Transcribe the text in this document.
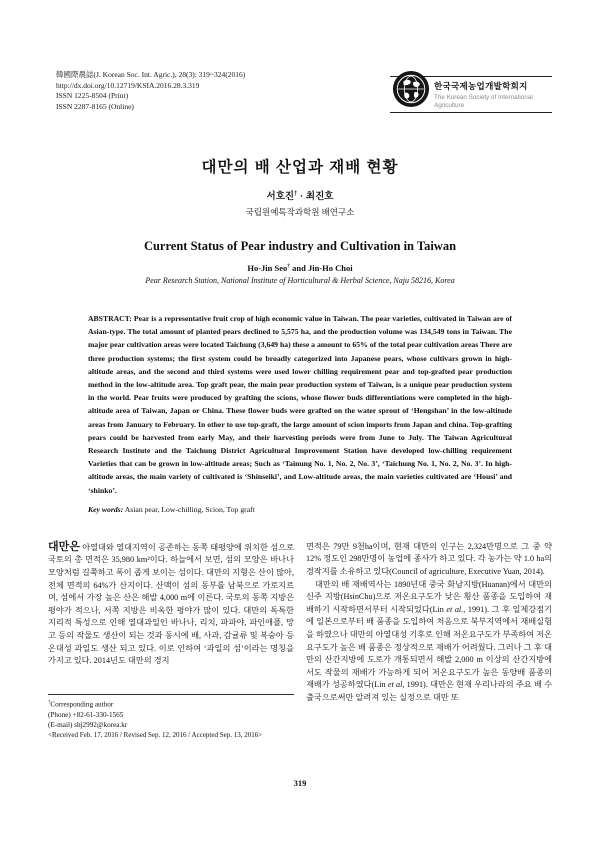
韓國際農誌(J. Korean Soc. Int. Agric.), 28(3): 319~324(2016)
http://dx.doi.org/10.12719/KSIA.2016.28.3.319
ISSN 1225-8504 (Print)
ISSN 2287-8165 (Online)
한국국제농업개발학회지
The Korean Society of International
Agriculture
대만의 배 산업과 재배 현황
서호진† · 최진호
국립원예특작과학원 배연구소
Current Status of Pear industry and Cultivation in Taiwan
Ho-Jin Seo† and Jin-Ho Choi
Pear Research Station, National Institute of Horticultural & Herbal Science, Naju 58216, Korea
ABSTRACT: Pear is a representative fruit crop of high economic value in Taiwan. The pear varieties, cultivated in Taiwan are of Asian-type. The total amount of planted pears declined to 5,575 ha, and the production volume was 134,549 tons in Taiwan. The major pear cultivation areas were located Taichung (3,649 ha) these a amount to 65% of the total pear cultivation areas There are three production systems; the first system could be broadly categorized into Japanese pears, whose cultivars grown in high-altitude areas, and the second and third systems were used lower chilling requirement pear and top-grafted pear production method in the low-altitude area. Top graft pear, the main pear production system of Taiwan, is a unique pear production system in the world. Pear fruits were produced by grafting the scions, whose flower buds differentiations were completed in the high-altitude area of Taiwan, Japan or China. These flower buds were grafted on the water sprout of ‘Hengshan’ in the low-altitude areas from January to February. In other to use top-graft, the large amount of scion imports from Japan and china. Top-grafting pears could be harvested from early May, and their harvesting periods were from June to July. The Taiwan Agricultural Research Institute and the Taichung District Agricultural Improvement Station have developed low-chilling requirement Varieties that can be grown in low-altitude areas; Such as ‘Tainung No. 1, No. 2, No. 3’, ‘Taichung No. 1, No. 2, No. 3’. In high-altitude areas, the main variety of cultivated is ‘Shinseiki’, and Low-altitude areas, the main varieties cultivated are ‘Housi’ and ‘shinko’.
Key words: Asian pear, Low-chilling, Scion, Top graft

대만은 아열대와 열대지역이 공존하는 동쪽 태평양에 위치한 섬으로 국토의 총 면적은 35,980 km²이다. 하늘에서 보면, 섬의 모양은 바나나 모양처럼 길쭉하고 폭이 좁게 보이는 섬이다. 대만의 지형은 산이 많아, 전체 면적의 64%가 산지이다. 산맥이 섬의 동부를 남북으로 가로지르며, 섬에서 가장 높은 산은 해발 4,000 m에 이른다. 국토의 동쪽 지방은 평야가 적으나, 서쪽 지방은 비옥한 평야가 많이 있다. 대만의 독특한 지리적 특성으로 인해 열대과일인 바나나, 리치, 파파야, 파인애플, 망고 등의 작물도 생산이 되는 것과 동시에 배, 사과, 감귤류 및 복숭아 등 온대성 과일도 생산 되고 있다. 이로 인하여 ‘과일의 섬’이라는 명칭을 가지고 있다. 2014년도 대만의 경지

†Corresponding author
(Phone) +82-61-330-1565
(E-mail) shj2992@korea.kr
<Received Feb. 17, 2016 / Revised Sep. 12, 2016 / Accepted Sep. 13, 2016>

면적은 79만 9천ha이며, 현재 대만의 인구는 2,324만명으로 그 중 약12% 정도인 298만명이 농업에 종사가 하고 있다. 각 농가는 약 1.0 ha의 경작지를 소유하고 있다(Council of agriculture, Executive Yuan, 2014).

대만의 배 재배역사는 1890년대 중국 화남지방(Huanan)에서 대만의 신주 지방(HsinChu)으로 저온요구도가 낮은 횡산 품종을 도입하여 재배하기 시작하면서부터 시작되었다(Lin et al., 1991). 그 후 일제강점기에 일본으로부터 배 품종을 도입하여 처음으로 북부지역에서 재배실험을 하였으나 대만의 아열대성 기후로 인해 저온요구도가 부족하여 저온요구도가 높은 배 품종은 정상적으로 재배가 어려웠다. 그러나 그 후 대만의 산간지방에 도로가 개통되면서 해발 2,000 m 이상의 산간지방에서도 작물의 재배가 가능하게 되어 저온요구도가 높은 동양배 품종의 재배가 성공하였다(Lin et al, 1991). 대만은 현재 우리나라의 주요 배 수출국으로써만 알려져 있는 실정으로 대만 또

319
